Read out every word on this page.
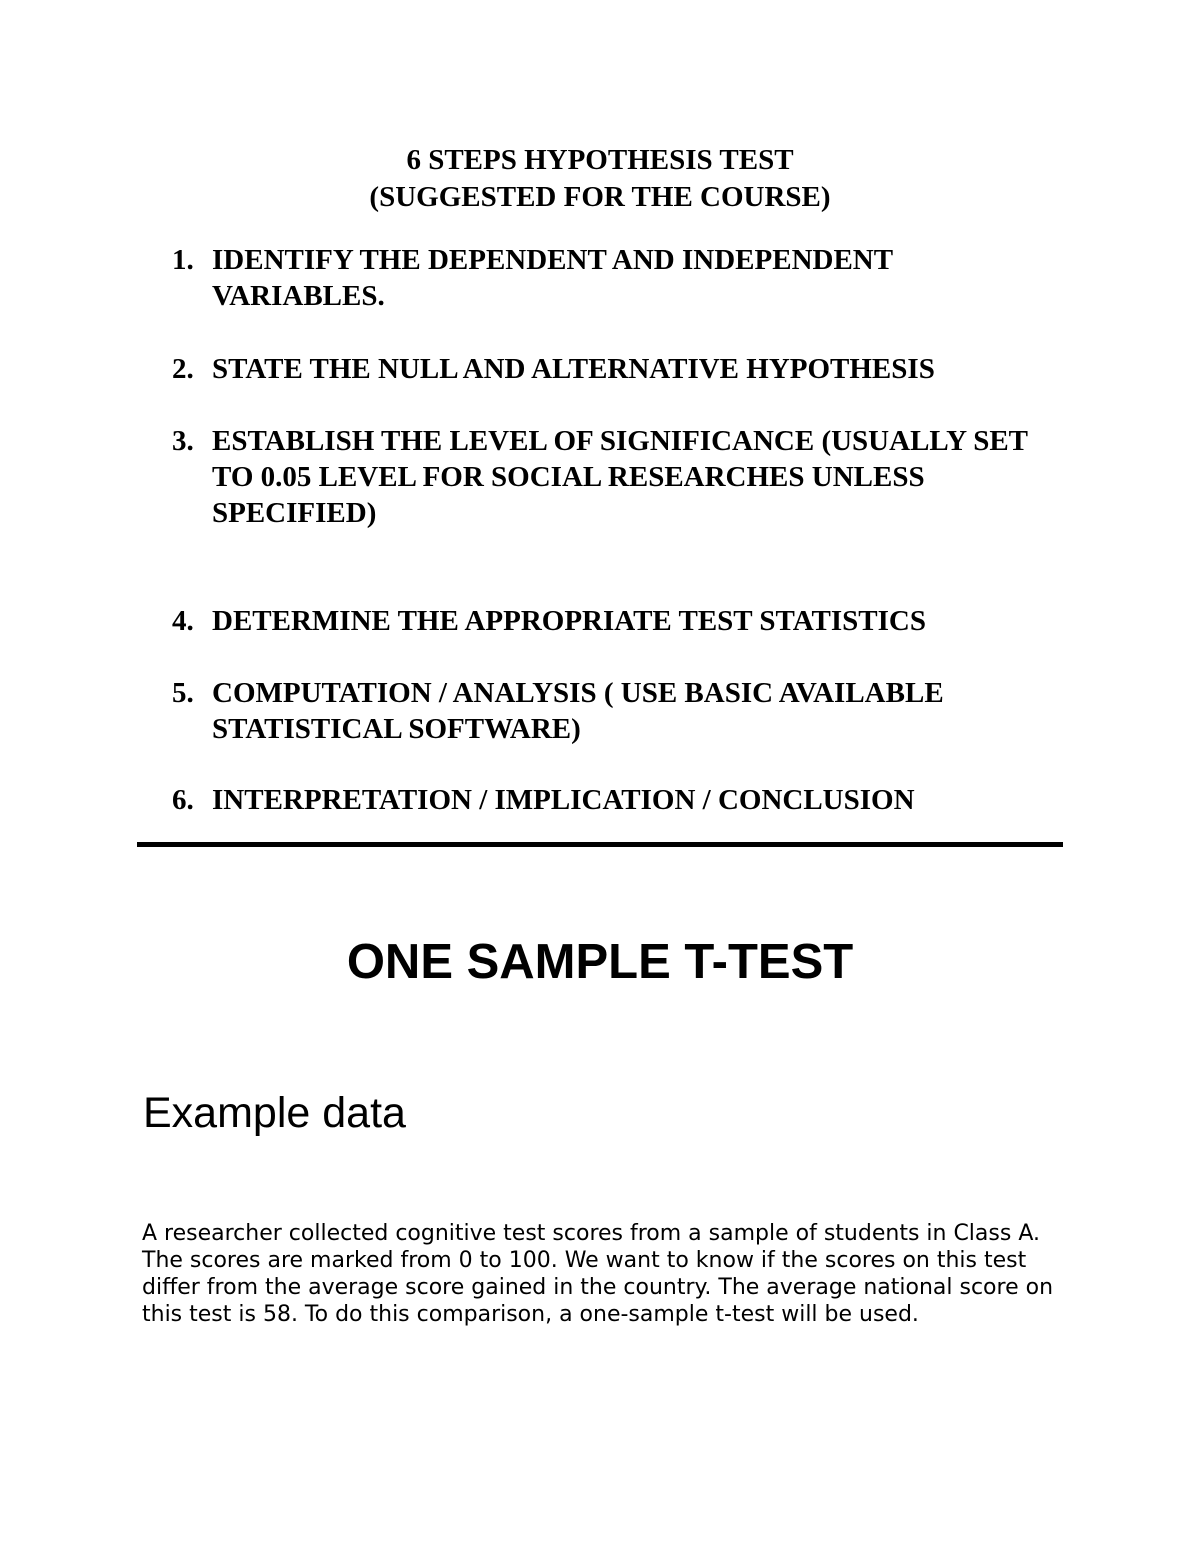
6 STEPS HYPOTHESIS TEST
(SUGGESTED FOR THE COURSE)
1. IDENTIFY THE DEPENDENT AND INDEPENDENT VARIABLES.
2. STATE THE NULL AND ALTERNATIVE HYPOTHESIS
3. ESTABLISH THE LEVEL OF SIGNIFICANCE (USUALLY SET TO 0.05 LEVEL FOR SOCIAL RESEARCHES UNLESS SPECIFIED)
4. DETERMINE THE APPROPRIATE TEST STATISTICS
5. COMPUTATION / ANALYSIS ( USE BASIC AVAILABLE STATISTICAL SOFTWARE)
6. INTERPRETATION / IMPLICATION / CONCLUSION
ONE SAMPLE T-TEST
Example data
A researcher collected cognitive test scores from a sample of students in Class A. The scores are marked from 0 to 100. We want to know if the scores on this test differ from the average score gained in the country. The average national score on this test is 58. To do this comparison, a one-sample t-test will be used.
